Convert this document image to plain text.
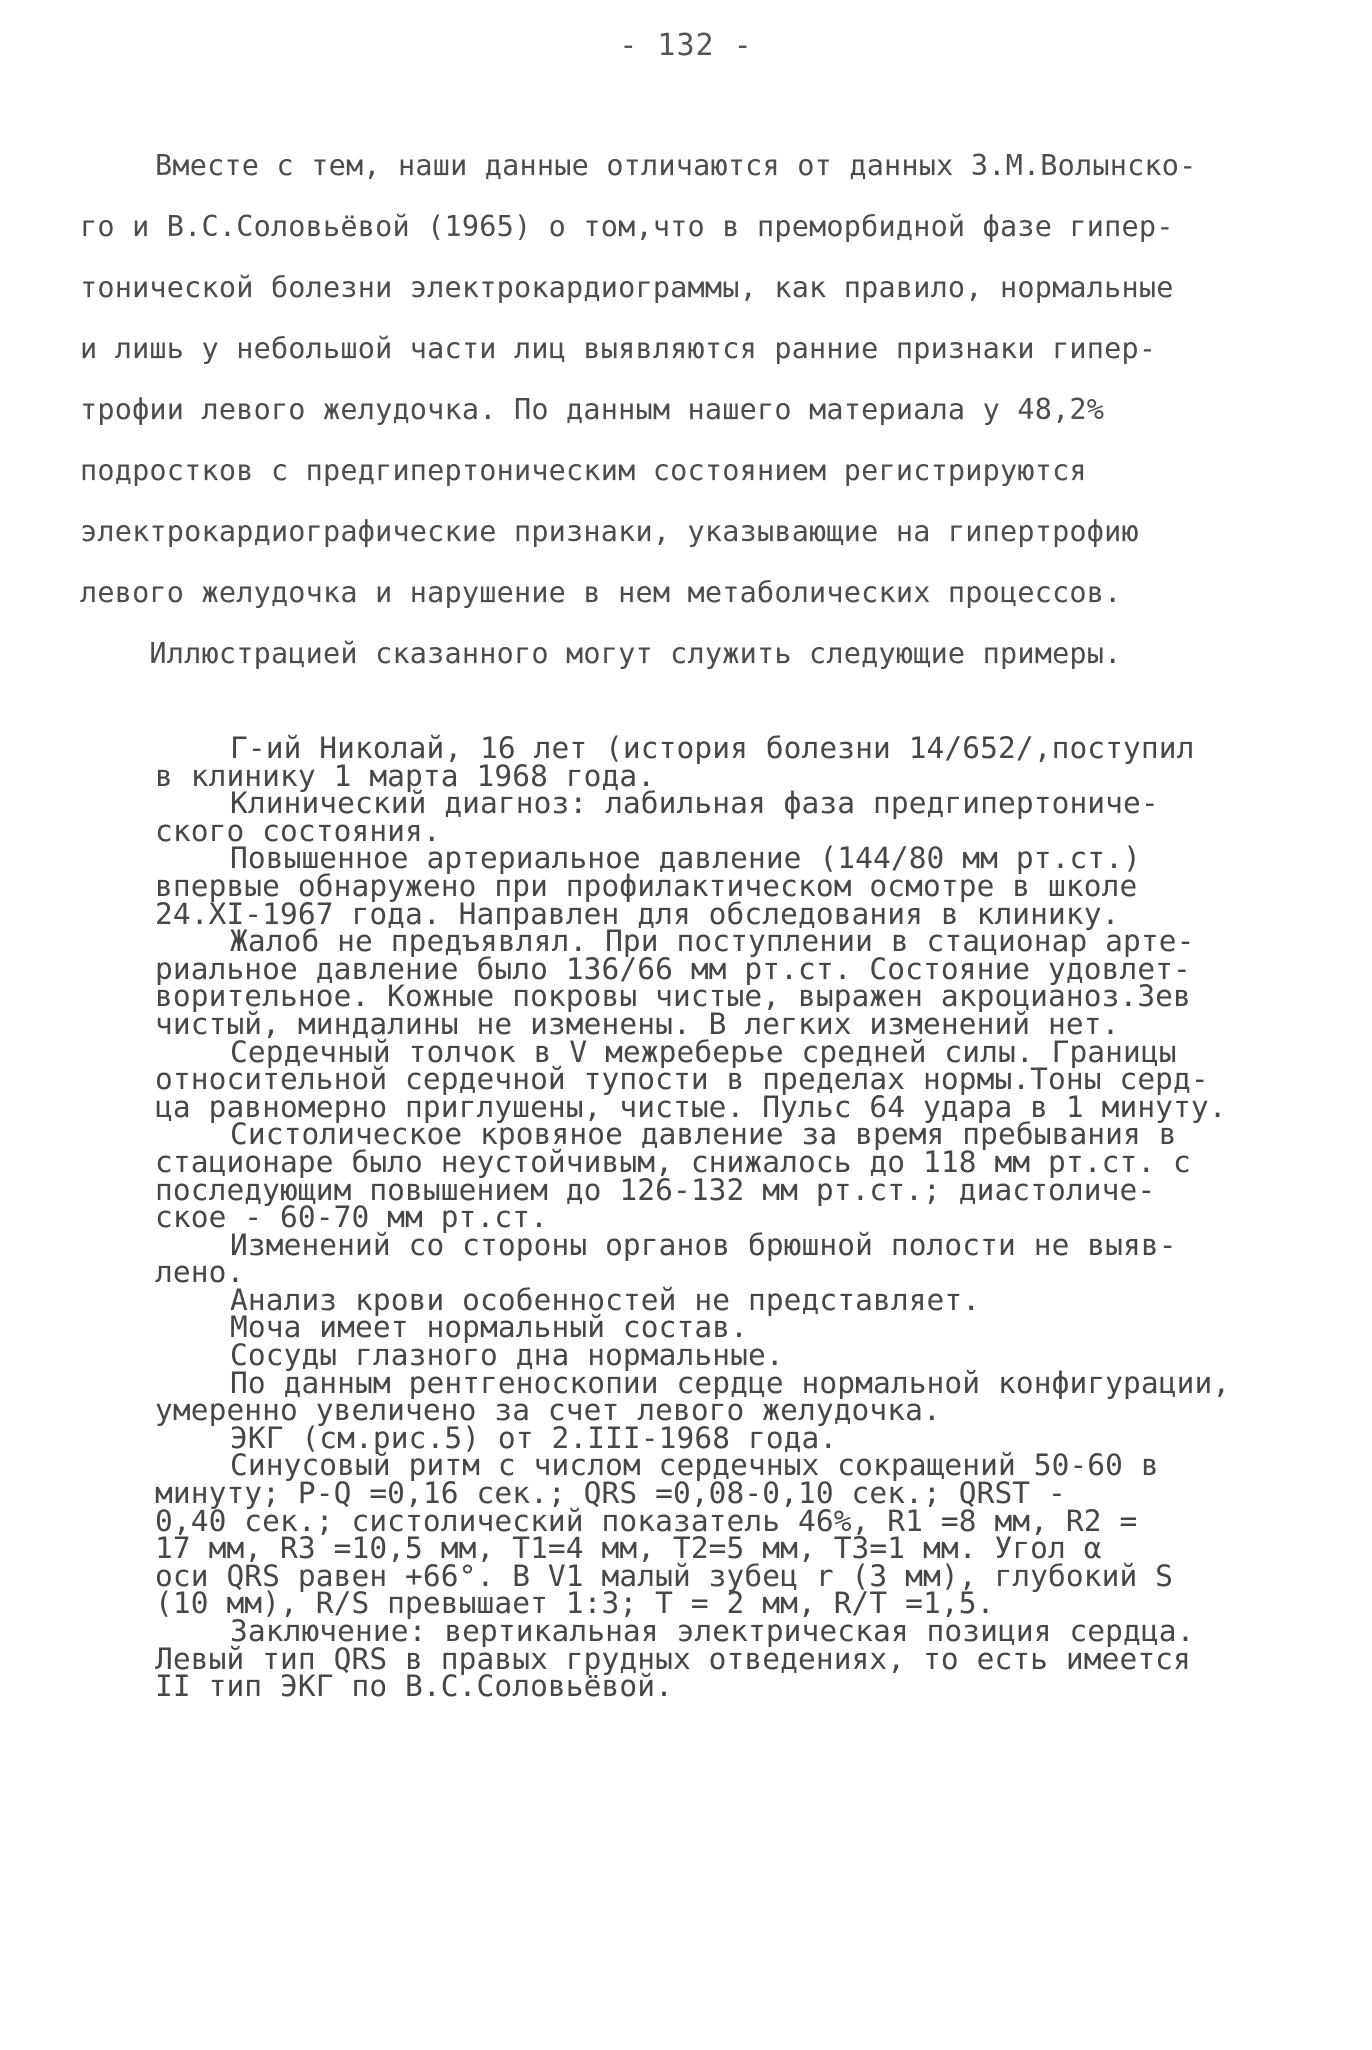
- 132 -
Вместе с тем, наши данные отличаются от данных З.М.Волынско-
го и В.С.Соловьёвой (1965) о том,что в преморбидной фазе гипер-
тонической болезни электрокардиограммы, как правило, нормальные
и лишь у небольшой части лиц выявляются ранние признаки гипер-
трофии левого желудочка. По данным нашего материала у 48,2%
подростков с предгипертоническим состоянием регистрируются
электрокардиографические признаки, указывающие на гипертрофию
левого желудочка и нарушение в нем метаболических процессов.
Иллюстрацией сказанного могут служить следующие примеры.
Г-ий Николай, 16 лет (история болезни 14/652/,поступил
в клинику 1 марта 1968 года.
Клинический диагноз: лабильная фаза предгипертониче-
ского состояния.
Повышенное артериальное давление (144/80 мм рт.ст.)
впервые обнаружено при профилактическом осмотре в школе
24.XI-1967 года. Направлен для обследования в клинику.
Жалоб не предъявлял. При поступлении в стационар арте-
риальное давление было 136/66 мм рт.ст. Состояние удовлет-
ворительное. Кожные покровы чистые, выражен акроцианоз.Зев
чистый, миндалины не изменены. В легких изменений нет.
Сердечный толчок в V межреберье средней силы. Границы
относительной сердечной тупости в пределах нормы.Тоны серд-
ца равномерно приглушены, чистые. Пульс 64 удара в 1 минуту.
Систолическое кровяное давление за время пребывания в
стационаре было неустойчивым, снижалось до 118 мм рт.ст. с
последующим повышением до 126-132 мм рт.ст.; диастоличе-
ское - 60-70 мм рт.ст.
Изменений со стороны органов брюшной полости не выяв-
лено.
Анализ крови особенностей не представляет.
Моча имеет нормальный состав.
Сосуды глазного дна нормальные.
По данным рентгеноскопии сердце нормальной конфигурации,
умеренно увеличено за счет левого желудочка.
ЭКГ (см.рис.5) от 2.III-1968 года.
Синусовый ритм с числом сердечных сокращений 50-60 в
минуту; P-Q =0,16 сек.; QRS =0,08-0,10 сек.; QRST -
0,40 сек.; систолический показатель 46%, R1 =8 мм, R2 =
17 мм, R3 =10,5 мм, T1=4 мм, T2=5 мм, T3=1 мм. Угол α
оси QRS равен +66°. В V1 малый зубец r (3 мм), глубокий S
(10 мм), R/S превышает 1:3; T = 2 мм, R/T =1,5.
Заключение: вертикальная электрическая позиция сердца.
Левый тип QRS в правых грудных отведениях, то есть имеется
II тип ЭКГ по В.С.Соловьёвой.
